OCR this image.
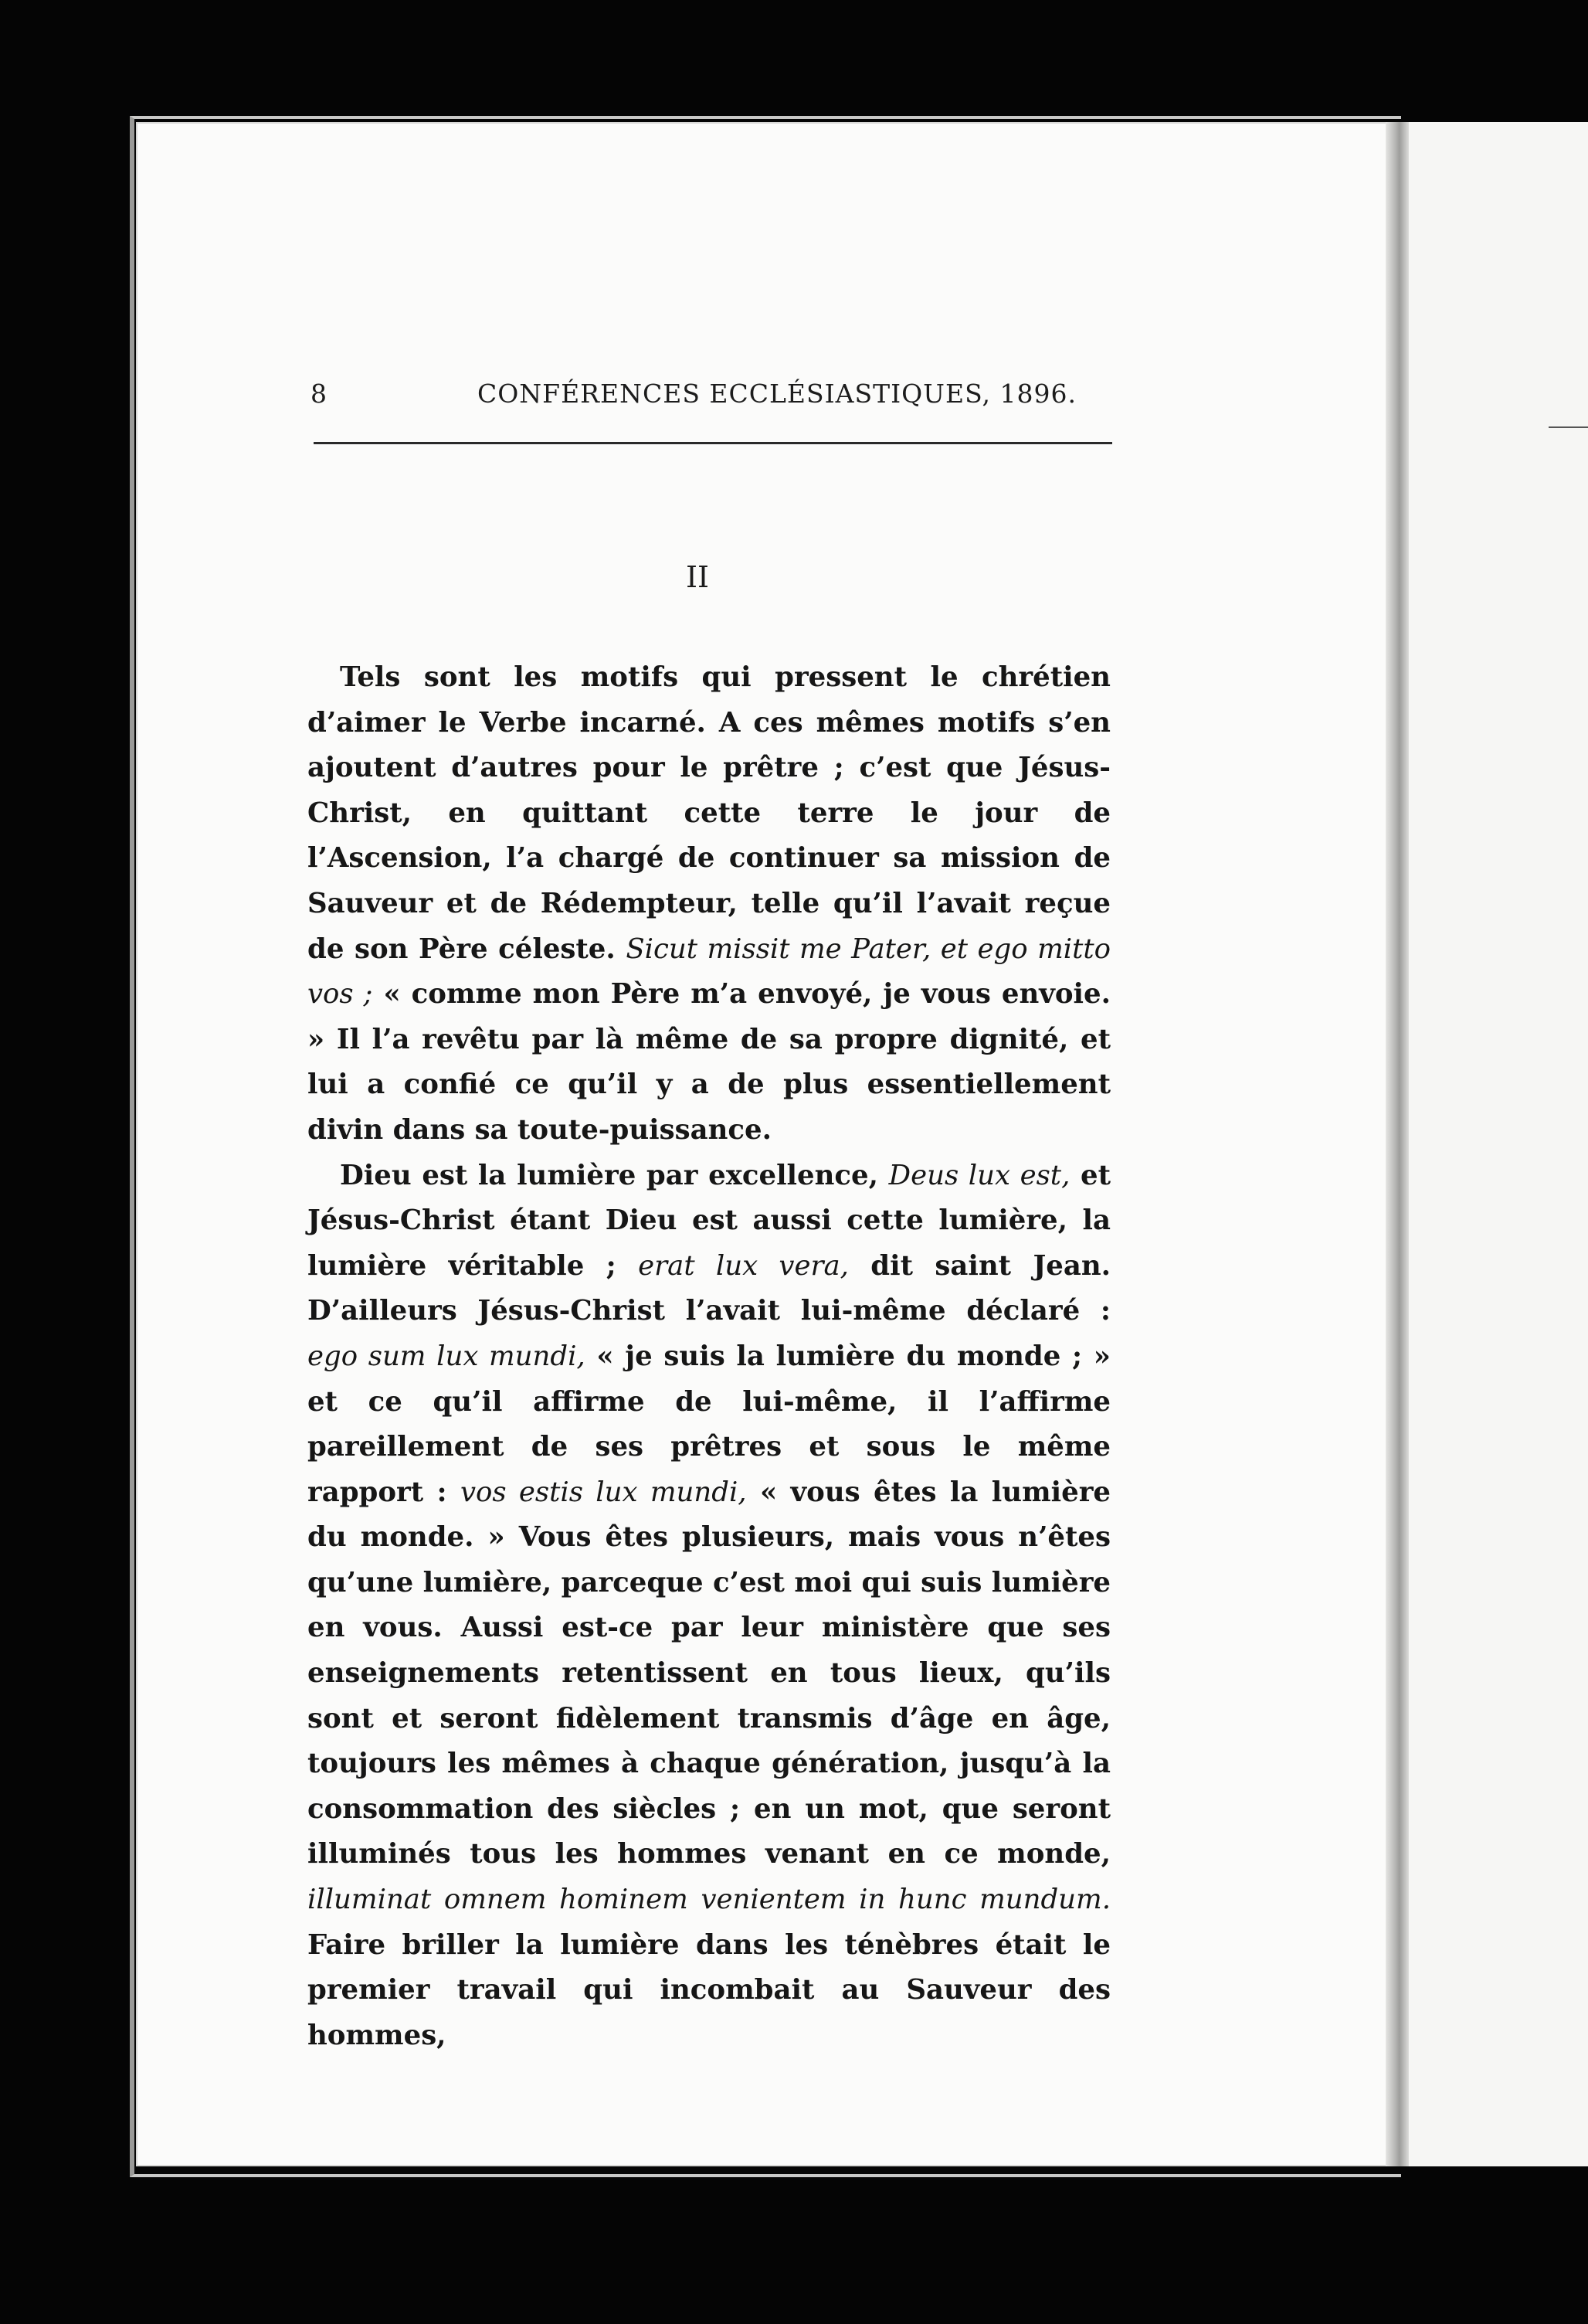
8	CONFÉRENCES ECCLÉSIASTIQUES, 1896.
II

Tels sont les motifs qui pressent le chrétien d’aimer le Verbe incarné. A ces mêmes motifs s’en ajoutent d’autres pour le prêtre ; c’est que Jésus-Christ, en quittant cette terre le jour de l’Ascension, l’a chargé de continuer sa mission de Sauveur et de Rédempteur, telle qu’il l’avait reçue de son Père céleste. Sicut missit me Pater, et ego mitto vos ; « comme mon Père m’a envoyé, je vous envoie. » Il l’a revêtu par là même de sa propre dignité, et lui a confié ce qu’il y a de plus essentiellement divin dans sa toute-puissance.

Dieu est la lumière par excellence, Deus lux est, et Jésus-Christ étant Dieu est aussi cette lumière, la lumière véritable ; erat lux vera, dit saint Jean. D’ailleurs Jésus-Christ l’avait lui-même déclaré : ego sum lux mundi, « je suis la lumière du monde ; » et ce qu’il affirme de lui-même, il l’affirme pareillement de ses prêtres et sous le même rapport : vos estis lux mundi, « vous êtes la lumière du monde. » Vous êtes plusieurs, mais vous n’êtes qu’une lumière, parceque c’est moi qui suis lumière en vous. Aussi est-ce par leur ministère que ses enseignements retentissent en tous lieux, qu’ils sont et seront fidèlement transmis d’âge en âge, toujours les mêmes à chaque génération, jusqu’à la consommation des siècles ; en un mot, que seront illuminés tous les hommes venant en ce monde, illuminat omnem hominem venientem in hunc mundum. Faire briller la lumière dans les ténèbres était le premier travail qui incombait au Sauveur des hommes,
